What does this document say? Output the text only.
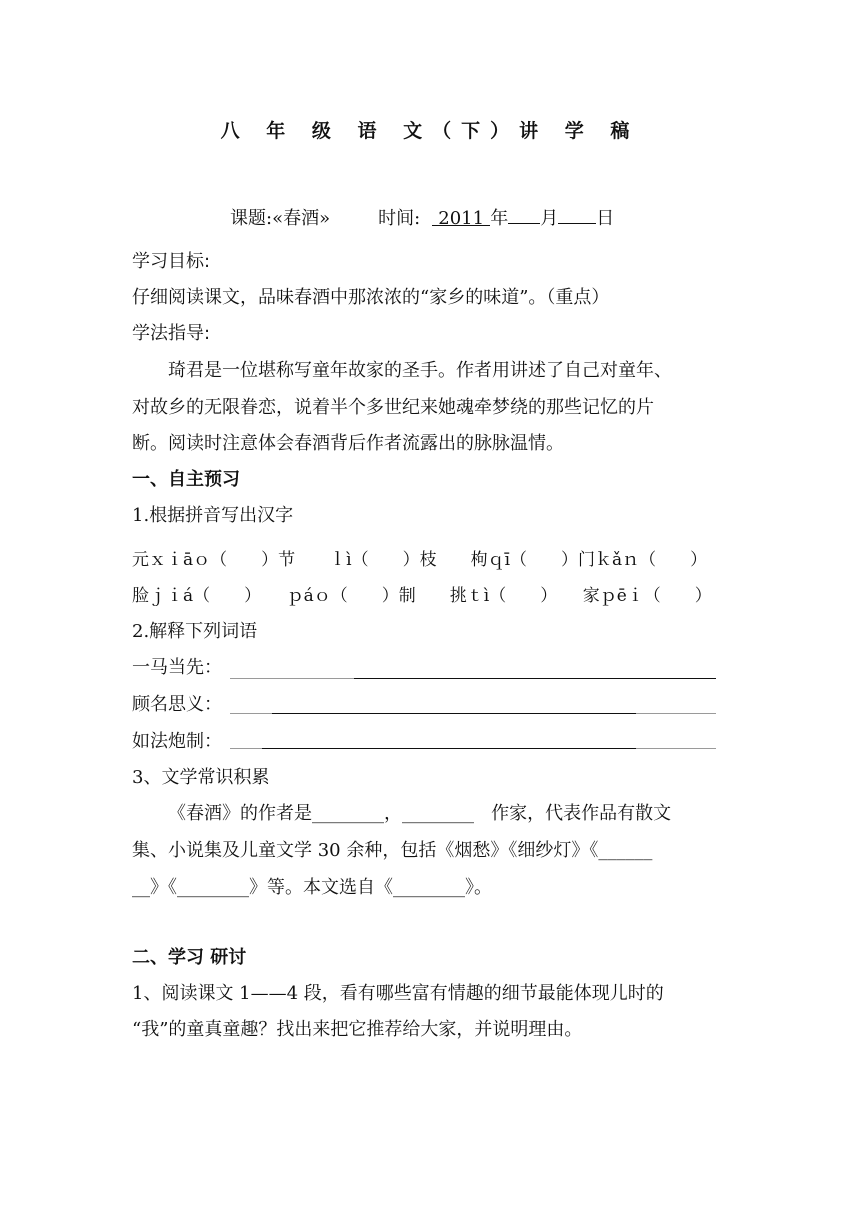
八 年 级 语 文（下）讲 学 稿
课题:«春酒»	时间: 2011 年 月 日
学习目标:
仔细阅读课文，品味春酒中那浓浓的“家乡的味道”。（重点）
学法指导:
琦君是一位堪称写童年故家的圣手。作者用讲述了自己对童年、
对故乡的无限眷恋，说着半个多世纪来她魂牵梦绕的那些记忆的片
断。阅读时注意体会春酒背后作者流露出的脉脉温情。
一、自主预习
1.根据拼音写出汉字
元ｘｉāｏ（　　）节　　ｌì（　　）枝　　枸ｑī（　　）门ｋǎｎ（　　）
脸ｊｉá（　　）　　ｐáｏ（　　）制　　挑ｔì（　　）　　家ｐēｉ（　　）
2.解释下列词语
一马当先：
顾名思义：
如法炮制：
3、文学常识积累
《春酒》的作者是________，________   作家，代表作品有散文
集、小说集及儿童文学 30 余种，包括《烟愁》《细纱灯》《______
__》《________》等。本文选自《________》。
二、学习 研讨
1、阅读课文 1——4 段，看有哪些富有情趣的细节最能体现儿时的
“我”的童真童趣？找出来把它推荐给大家，并说明理由。
